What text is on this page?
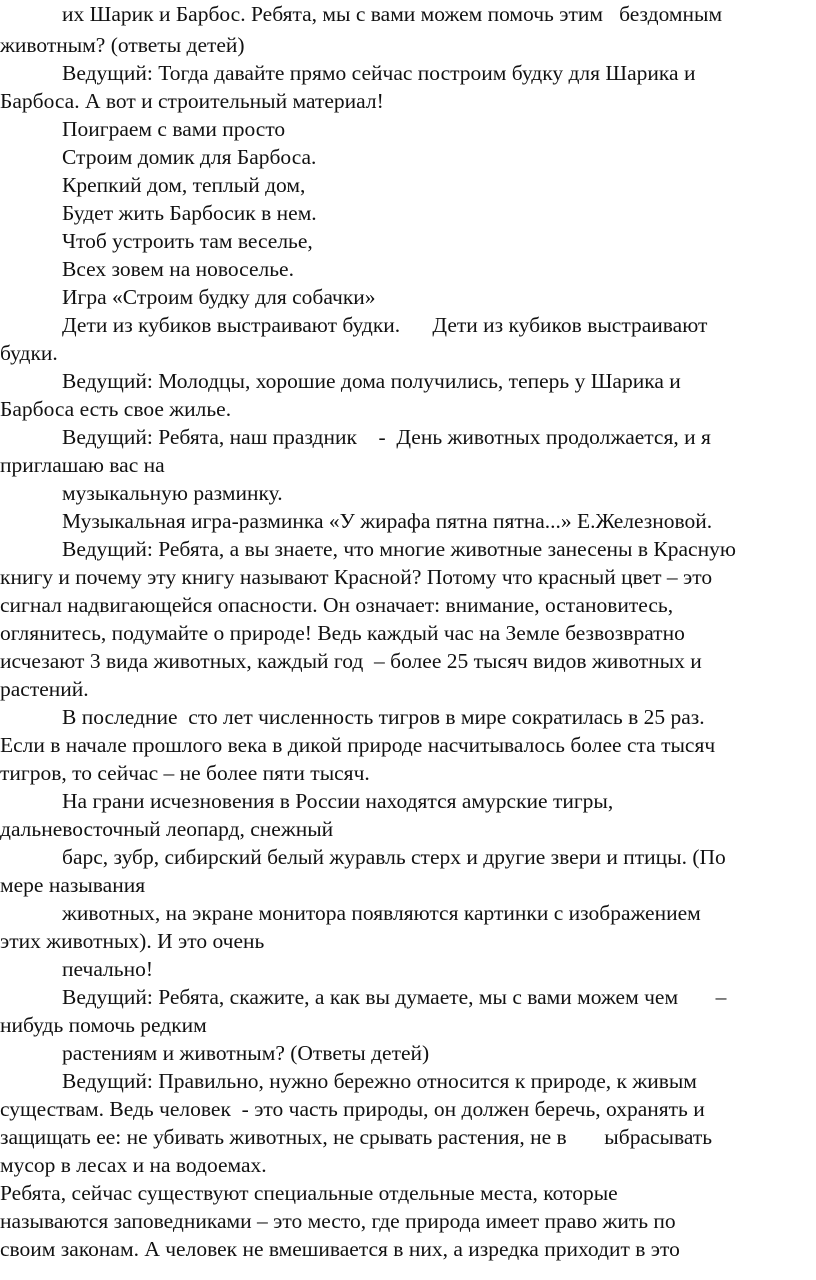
их Шарик и Барбос. Ребята, мы с вами можем помочь этим   бездомным
животным? (ответы детей)
Ведущий: Тогда давайте прямо сейчас построим будку для Шарика и
Барбоса. А вот и строительный материал!
Поиграем с вами просто
Строим домик для Барбоса.
Крепкий дом, теплый дом,
Будет жить Барбосик в нем.
Чтоб устроить там веселье,
Всех зовем на новоселье.
Игра «Строим будку для собачки»
Дети из кубиков выстраивают будки.      Дети из кубиков выстраивают
будки.
Ведущий: Молодцы, хорошие дома получились, теперь у Шарика и
Барбоса есть свое жилье.
Ведущий: Ребята, наш праздник    -  День животных продолжается, и я
приглашаю вас на
музыкальную разминку.
Музыкальная игра-разминка «У жирафа пятна пятна...» Е.Железновой.
Ведущий: Ребята, а вы знаете, что многие животные занесены в Красную
книгу и почему эту книгу называют Красной? Потому что красный цвет – это
сигнал надвигающейся опасности. Он означает: внимание, остановитесь,
оглянитесь, подумайте о природе! Ведь каждый час на Земле безвозвратно
исчезают 3 вида животных, каждый год  – более 25 тысяч видов животных и
растений.
В последние  сто лет численность тигров в мире сократилась в 25 раз.
Если в начале прошлого века в дикой природе насчитывалось более ста тысяч
тигров, то сейчас – не более пяти тысяч.
На грани исчезновения в России находятся амурские тигры,
дальневосточный леопард, снежный
барс, зубр, сибирский белый журавль стерх и другие звери и птицы. (По
мере называния
животных, на экране монитора появляются картинки с изображением
этих животных). И это очень
печально!
Ведущий: Ребята, скажите, а как вы думаете, мы с вами можем чем       –
нибудь помочь редким
растениям и животным? (Ответы детей)
Ведущий: Правильно, нужно бережно относится к природе, к живым
существам. Ведь человек  - это часть природы, он должен беречь, охранять и
защищать ее: не убивать животных, не срывать растения, не в       ыбрасывать
мусор в лесах и на водоемах.
Ребята, сейчас существуют специальные отдельные места, которые
называются заповедниками – это место, где природа имеет право жить по
своим законам. А человек не вмешивается в них, а изредка приходит в это
